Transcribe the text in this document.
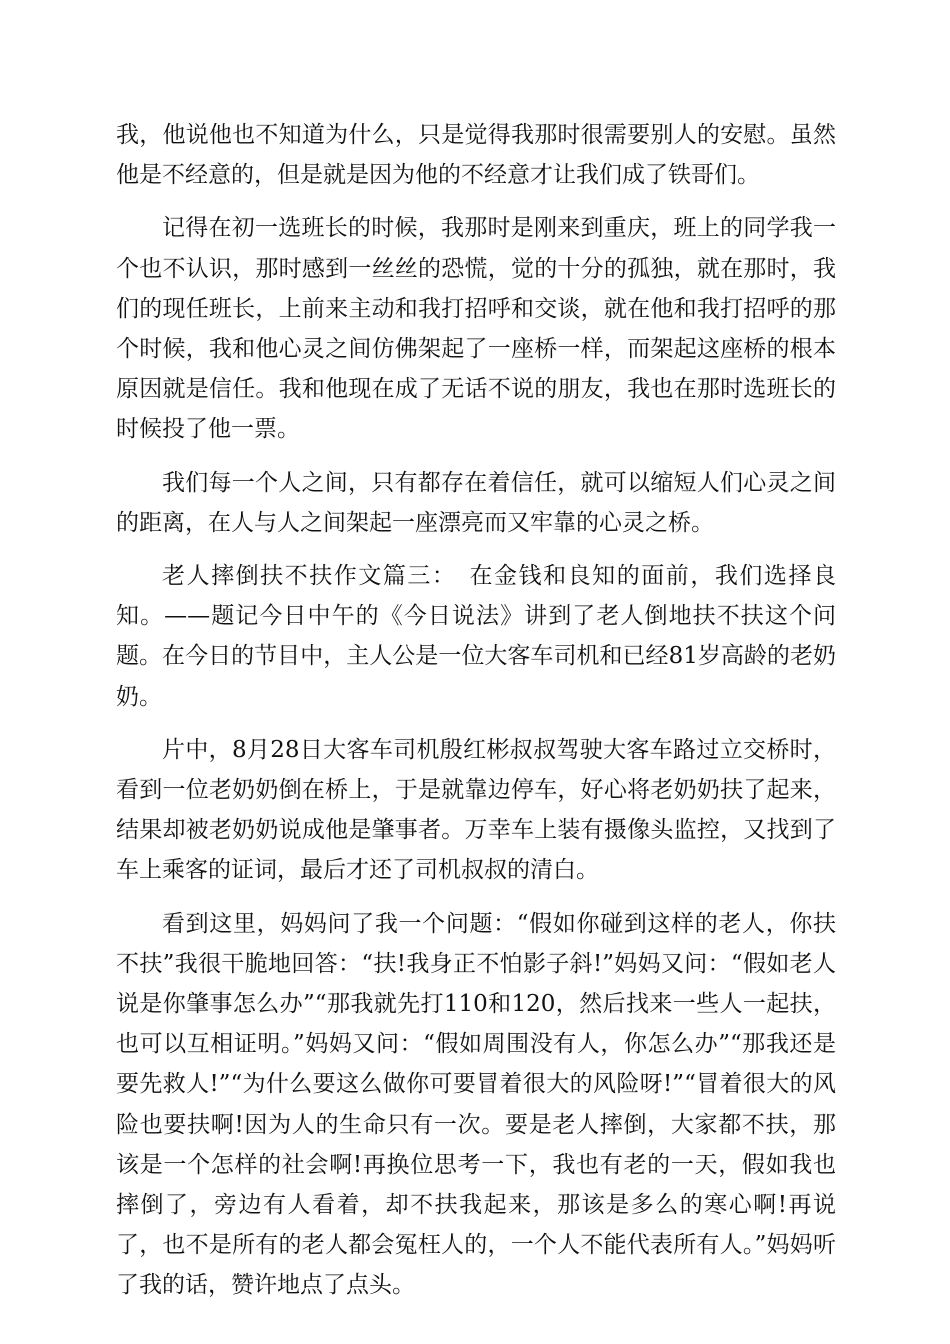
我，他说他也不知道为什么，只是觉得我那时很需要别人的安慰。虽然他是不经意的，但是就是因为他的不经意才让我们成了铁哥们。

记得在初一选班长的时候，我那时是刚来到重庆，班上的同学我一个也不认识，那时感到一丝丝的恐慌，觉的十分的孤独，就在那时，我们的现任班长，上前来主动和我打招呼和交谈，就在他和我打招呼的那个时候，我和他心灵之间仿佛架起了一座桥一样，而架起这座桥的根本原因就是信任。我和他现在成了无话不说的朋友，我也在那时选班长的时候投了他一票。

我们每一个人之间，只有都存在着信任，就可以缩短人们心灵之间的距离，在人与人之间架起一座漂亮而又牢靠的心灵之桥。

老人摔倒扶不扶作文篇三：　在金钱和良知的面前，我们选择良知。——题记今日中午的《今日说法》讲到了老人倒地扶不扶这个问题。在今日的节目中，主人公是一位大客车司机和已经81岁高龄的老奶奶。

片中，8月28日大客车司机殷红彬叔叔驾驶大客车路过立交桥时，看到一位老奶奶倒在桥上，于是就靠边停车，好心将老奶奶扶了起来，结果却被老奶奶说成他是肇事者。万幸车上装有摄像头监控，又找到了车上乘客的证词，最后才还了司机叔叔的清白。

看到这里，妈妈问了我一个问题：“假如你碰到这样的老人，你扶不扶”我很干脆地回答：“扶!我身正不怕影子斜!”妈妈又问：“假如老人说是你肇事怎么办”“那我就先打110和120，然后找来一些人一起扶，也可以互相证明。”妈妈又问：“假如周围没有人，你怎么办”“那我还是要先救人!”“为什么要这么做你可要冒着很大的风险呀!”“冒着很大的风险也要扶啊!因为人的生命只有一次。要是老人摔倒，大家都不扶，那该是一个怎样的社会啊!再换位思考一下，我也有老的一天，假如我也摔倒了，旁边有人看着，却不扶我起来，那该是多么的寒心啊!再说了，也不是所有的老人都会冤枉人的，一个人不能代表所有人。”妈妈听了我的话，赞许地点了点头。
